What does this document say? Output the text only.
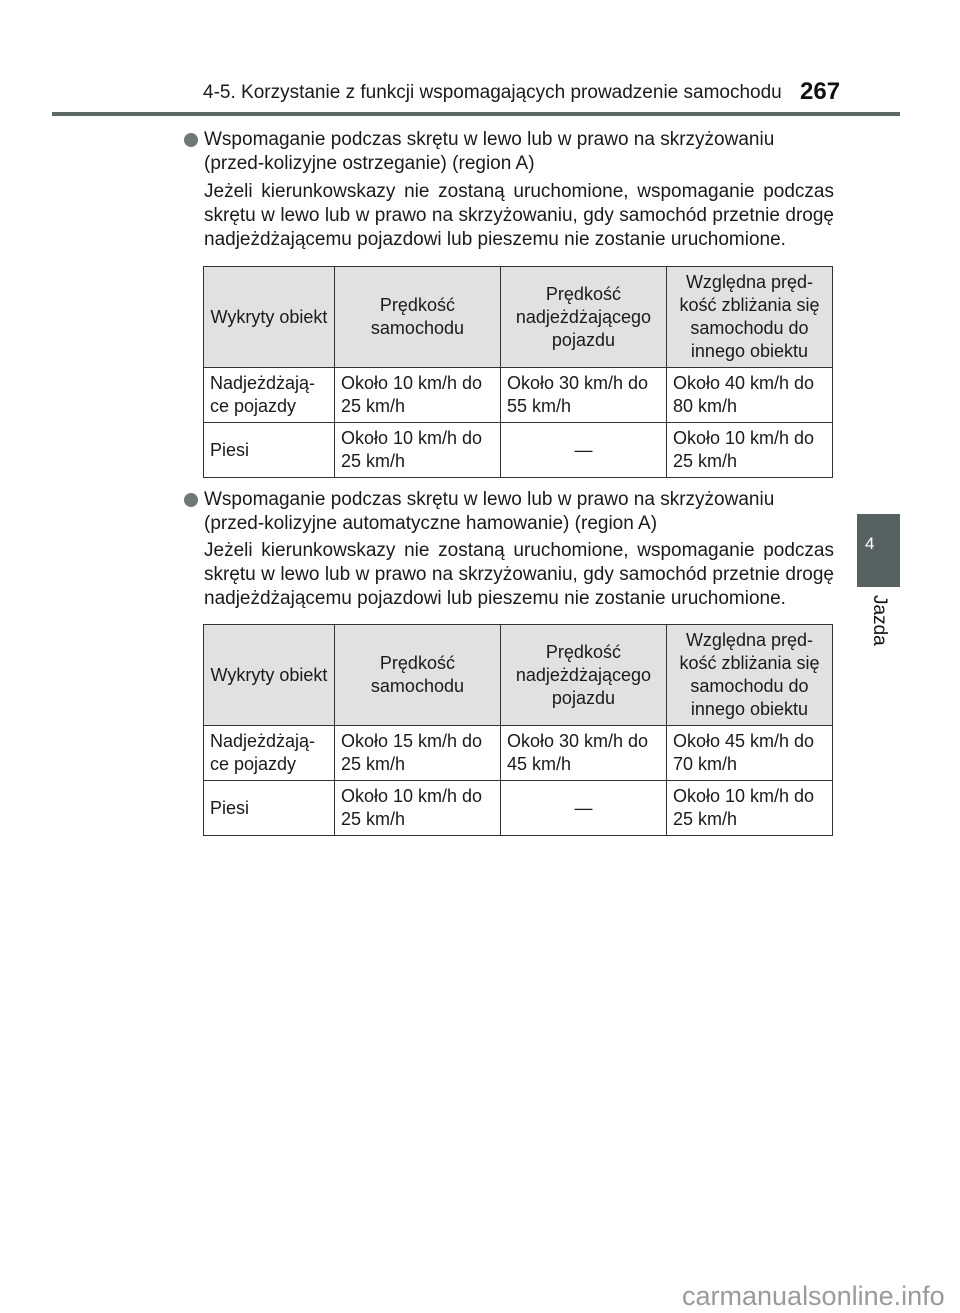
4-5. Korzystanie z funkcji wspomagających prowadzenie samochodu 267
Wspomaganie podczas skrętu w lewo lub w prawo na skrzyżowaniu (przed-kolizyjne ostrzeganie) (region A)
Jeżeli kierunkowskazy nie zostaną uruchomione, wspomaganie podczas skrętu w lewo lub w prawo na skrzyżowaniu, gdy samochód przetnie drogę nadjeżdżającemu pojazdowi lub pieszemu nie zostanie uruchomione.
Wykryty obiekt	Prędkość samochodu	Prędkość nadjeżdżającego pojazdu	Względna pręd-kość zbliżania się samochodu do innego obiektu
Nadjeżdżają-ce pojazdy	Około 10 km/h do 25 km/h	Około 30 km/h do 55 km/h	Około 40 km/h do 80 km/h
Piesi	Około 10 km/h do 25 km/h	—	Około 10 km/h do 25 km/h
Wspomaganie podczas skrętu w lewo lub w prawo na skrzyżowaniu (przed-kolizyjne automatyczne hamowanie) (region A)
Jeżeli kierunkowskazy nie zostaną uruchomione, wspomaganie podczas skrętu w lewo lub w prawo na skrzyżowaniu, gdy samochód przetnie drogę nadjeżdżającemu pojazdowi lub pieszemu nie zostanie uruchomione.
Wykryty obiekt	Prędkość samochodu	Prędkość nadjeżdżającego pojazdu	Względna pręd-kość zbliżania się samochodu do innego obiektu
Nadjeżdżają-ce pojazdy	Około 15 km/h do 25 km/h	Około 30 km/h do 45 km/h	Około 45 km/h do 70 km/h
Piesi	Około 10 km/h do 25 km/h	—	Około 10 km/h do 25 km/h
4
Jazda
carmanualsonline.info
